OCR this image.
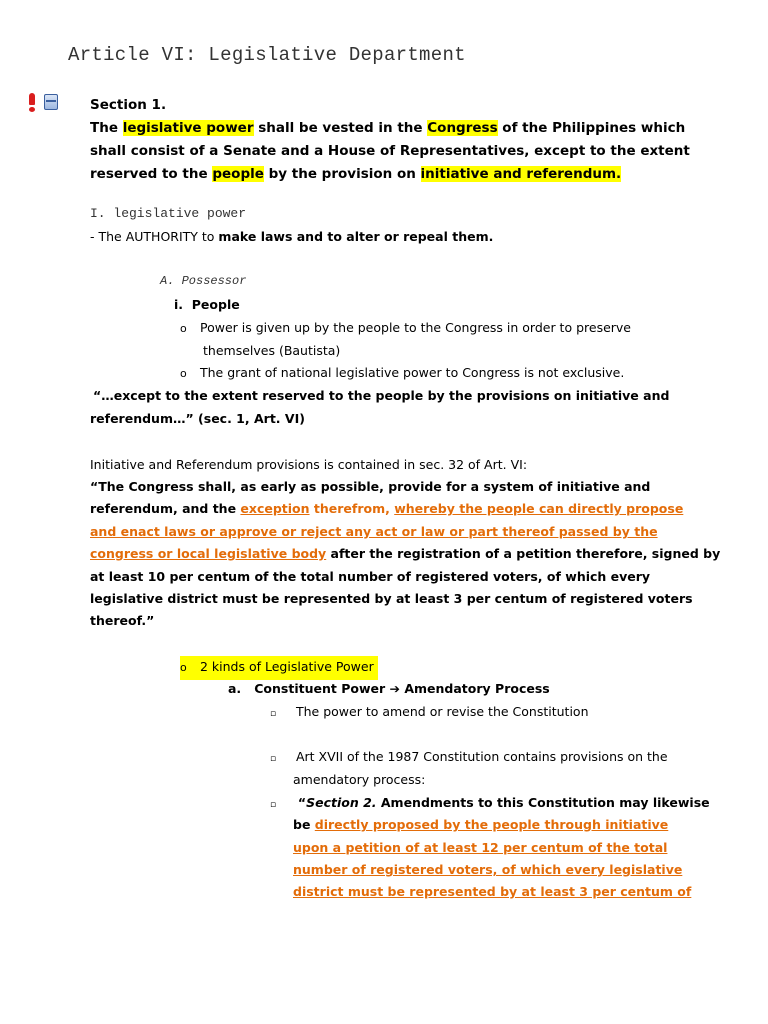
Article VI: Legislative Department
Section 1.
The legislative power shall be vested in the Congress of the Philippines which
shall consist of a Senate and a House of Representatives, except to the extent
reserved to the people by the provision on initiative and referendum.
I. legislative power
- The AUTHORITY to make laws and to alter or repeal them.
A. Possessor
i. People
o Power is given up by the people to the Congress in order to preserve
themselves (Bautista)
o The grant of national legislative power to Congress is not exclusive.
“…except to the extent reserved to the people by the provisions on initiative and
referendum…” (sec. 1, Art. VI)
Initiative and Referendum provisions is contained in sec. 32 of Art. VI:
“The Congress shall, as early as possible, provide for a system of initiative and
referendum, and the exception therefrom, whereby the people can directly propose
and enact laws or approve or reject any act or law or part thereof passed by the
congress or local legislative body after the registration of a petition therefore, signed by
at least 10 per centum of the total number of registered voters, of which every
legislative district must be represented by at least 3 per centum of registered voters
thereof.”
o 2 kinds of Legislative Power
a. Constituent Power ➔ Amendatory Process
▫ The power to amend or revise the Constitution
▫ Art XVII of the 1987 Constitution contains provisions on the
amendatory process:
▫ “Section 2. Amendments to this Constitution may likewise
be directly proposed by the people through initiative
upon a petition of at least 12 per centum of the total
number of registered voters, of which every legislative
district must be represented by at least 3 per centum of
